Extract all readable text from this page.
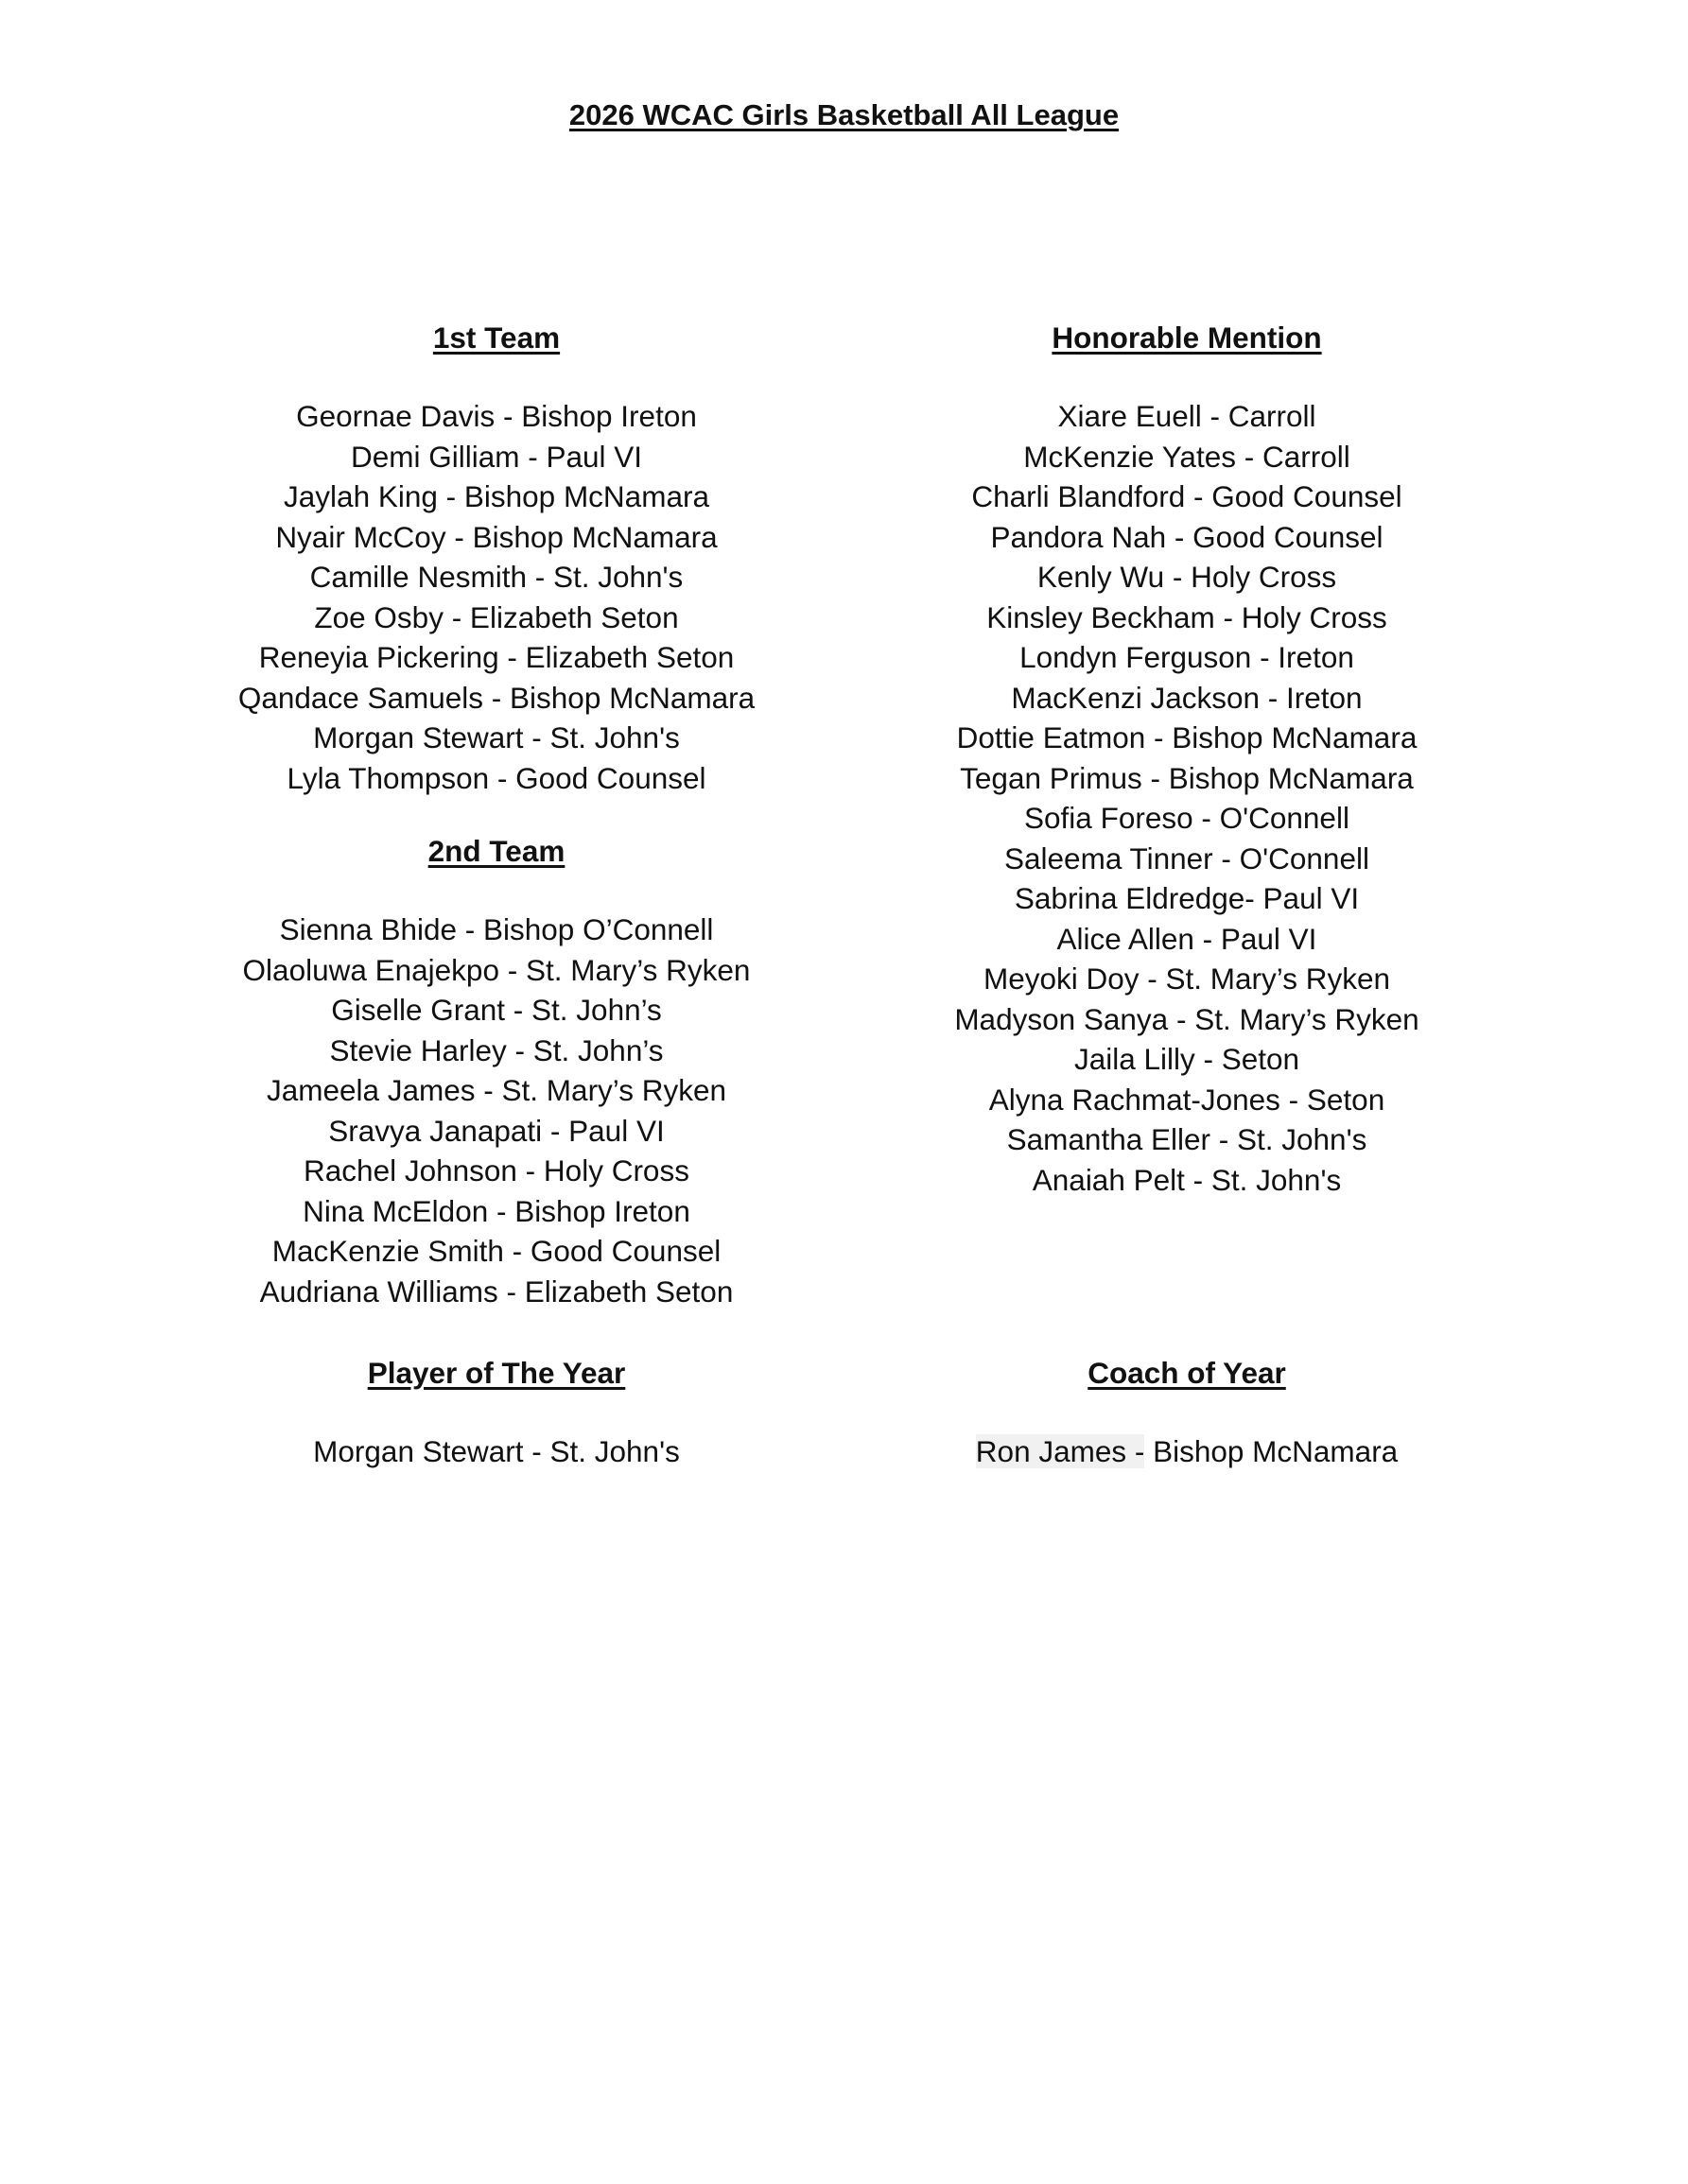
2026 WCAC Girls Basketball All League
1st Team
Geornae Davis - Bishop Ireton
Demi Gilliam - Paul VI
Jaylah King - Bishop McNamara
Nyair McCoy - Bishop McNamara
Camille Nesmith - St. John's
Zoe Osby - Elizabeth Seton
Reneyia Pickering - Elizabeth Seton
Qandace Samuels - Bishop McNamara
Morgan Stewart - St. John's
Lyla Thompson - Good Counsel
2nd Team
Sienna Bhide - Bishop O’Connell
Olaoluwa Enajekpo - St. Mary’s Ryken
Giselle Grant - St. John’s
Stevie Harley - St. John’s
Jameela James - St. Mary’s Ryken
Sravya Janapati - Paul VI
Rachel Johnson - Holy Cross
Nina McEldon - Bishop Ireton
MacKenzie Smith - Good Counsel
Audriana Williams - Elizabeth Seton
Honorable Mention
Xiare Euell - Carroll
McKenzie Yates - Carroll
Charli Blandford - Good Counsel
Pandora Nah - Good Counsel
Kenly Wu - Holy Cross
Kinsley Beckham - Holy Cross
Londyn Ferguson - Ireton
MacKenzi Jackson - Ireton
Dottie Eatmon - Bishop McNamara
Tegan Primus - Bishop McNamara
Sofia Foreso - O'Connell
Saleema Tinner - O'Connell
Sabrina Eldredge- Paul VI
Alice Allen - Paul VI
Meyoki Doy - St. Mary’s Ryken
Madyson Sanya - St. Mary’s Ryken
Jaila Lilly - Seton
Alyna Rachmat-Jones - Seton
Samantha Eller - St. John's
Anaiah Pelt - St. John's
Player of The Year
Morgan Stewart - St. John's
Coach of Year
Ron James - Bishop McNamara
